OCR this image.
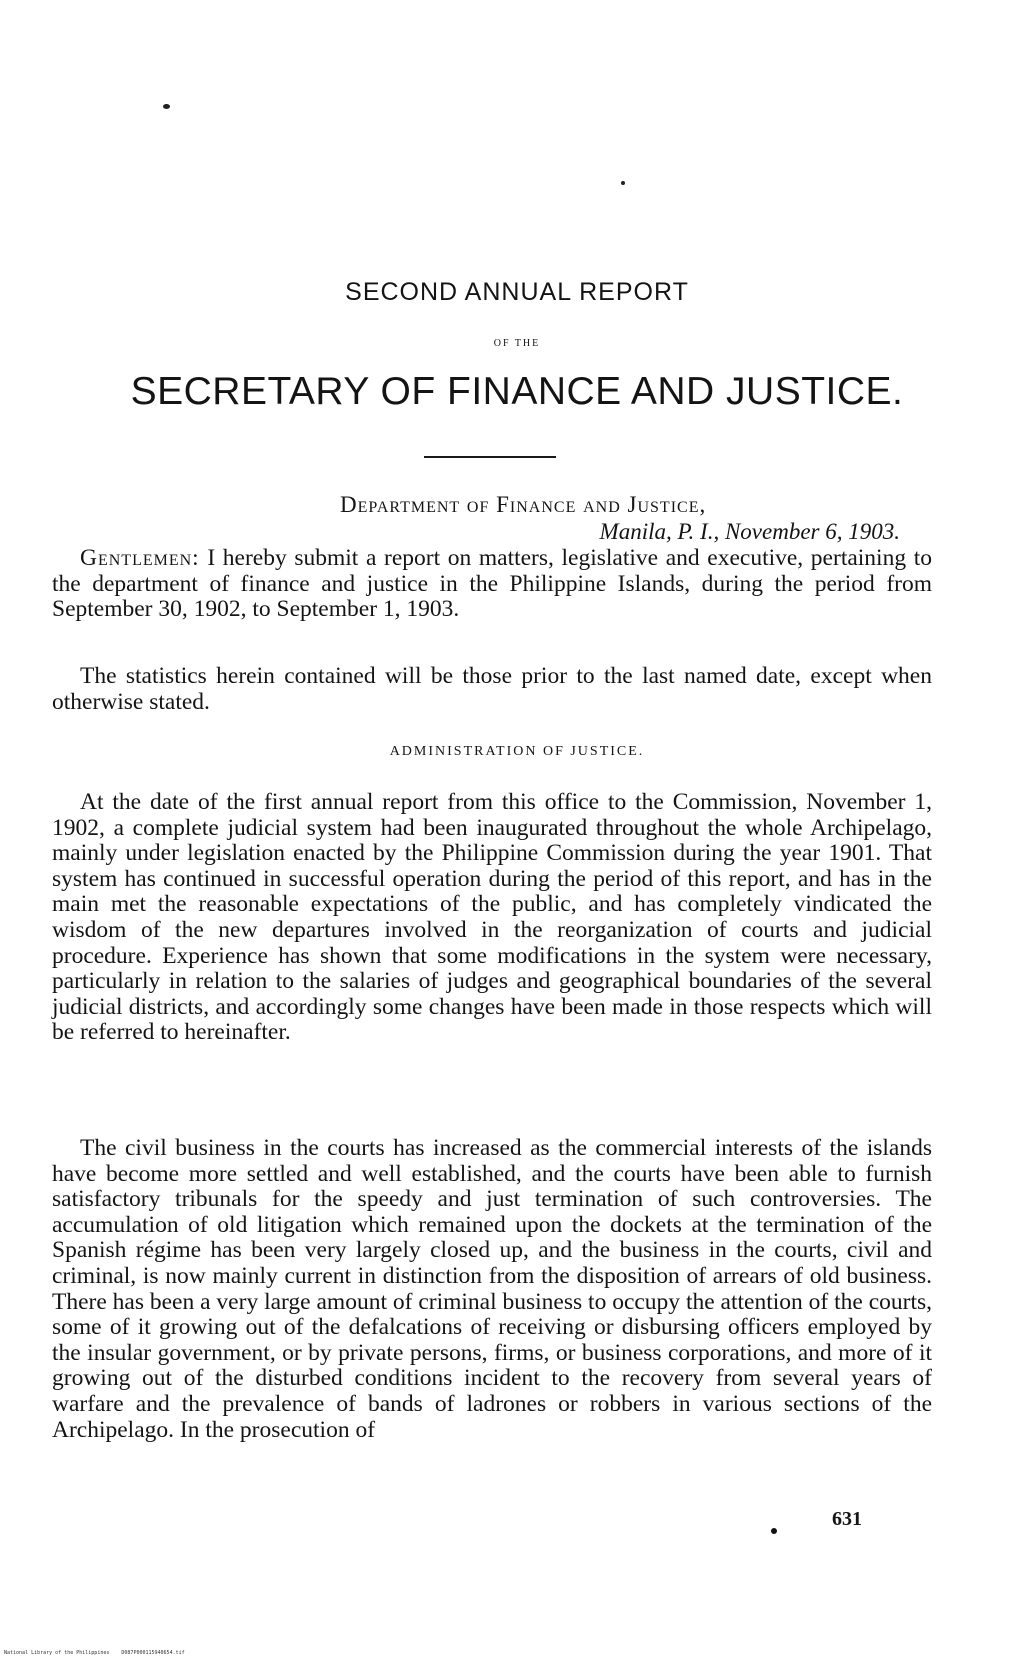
SECOND ANNUAL REPORT
OF THE
SECRETARY OF FINANCE AND JUSTICE.
Department of Finance and Justice,
Manila, P. I., November 6, 1903.

Gentlemen: I hereby submit a report on matters, legislative and executive, pertaining to the department of finance and justice in the Philippine Islands, during the period from September 30, 1902, to September 1, 1903.

The statistics herein contained will be those prior to the last named date, except when otherwise stated.

ADMINISTRATION OF JUSTICE.

At the date of the first annual report from this office to the Commission, November 1, 1902, a complete judicial system had been inaugurated throughout the whole Archipelago, mainly under legislation enacted by the Philippine Commission during the year 1901. That system has continued in successful operation during the period of this report, and has in the main met the reasonable expectations of the public, and has completely vindicated the wisdom of the new departures involved in the reorganization of courts and judicial procedure. Experience has shown that some modifications in the system were necessary, particularly in relation to the salaries of judges and geographical boundaries of the several judicial districts, and accordingly some changes have been made in those respects which will be referred to hereinafter.

The civil business in the courts has increased as the commercial interests of the islands have become more settled and well established, and the courts have been able to furnish satisfactory tribunals for the speedy and just termination of such controversies. The accumulation of old litigation which remained upon the dockets at the termination of the Spanish régime has been very largely closed up, and the business in the courts, civil and criminal, is now mainly current in distinction from the disposition of arrears of old business. There has been a very large amount of criminal business to occupy the attention of the courts, some of it growing out of the defalcations of receiving or disbursing officers employed by the insular government, or by private persons, firms, or business corporations, and more of it growing out of the disturbed conditions incident to the recovery from several years of warfare and the prevalence of bands of ladrones or robbers in various sections of the Archipelago. In the prosecution of

631
National Library of the Philippines D087P000115940654.tif
